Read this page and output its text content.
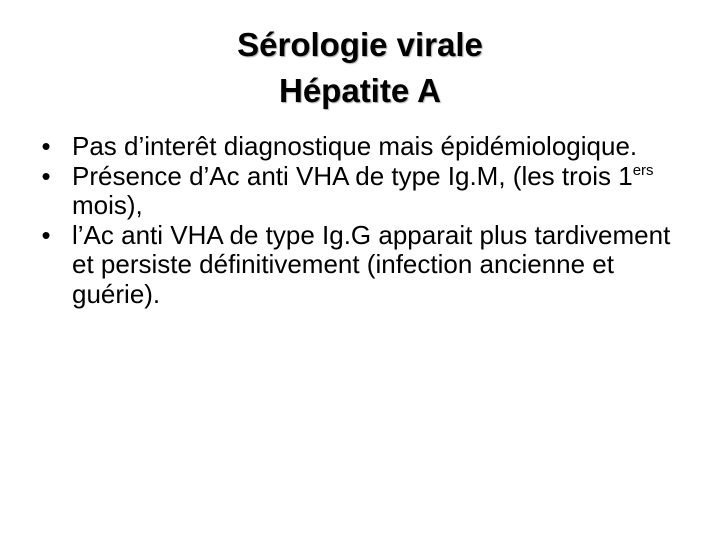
Sérologie virale
Hépatite A
• Pas d’interêt diagnostique mais épidémiologique.
• Présence d’Ac anti VHA de type Ig.M, (les trois 1ers mois),
• l’Ac anti VHA de type Ig.G apparait plus tardivement et persiste définitivement (infection ancienne et guérie).
